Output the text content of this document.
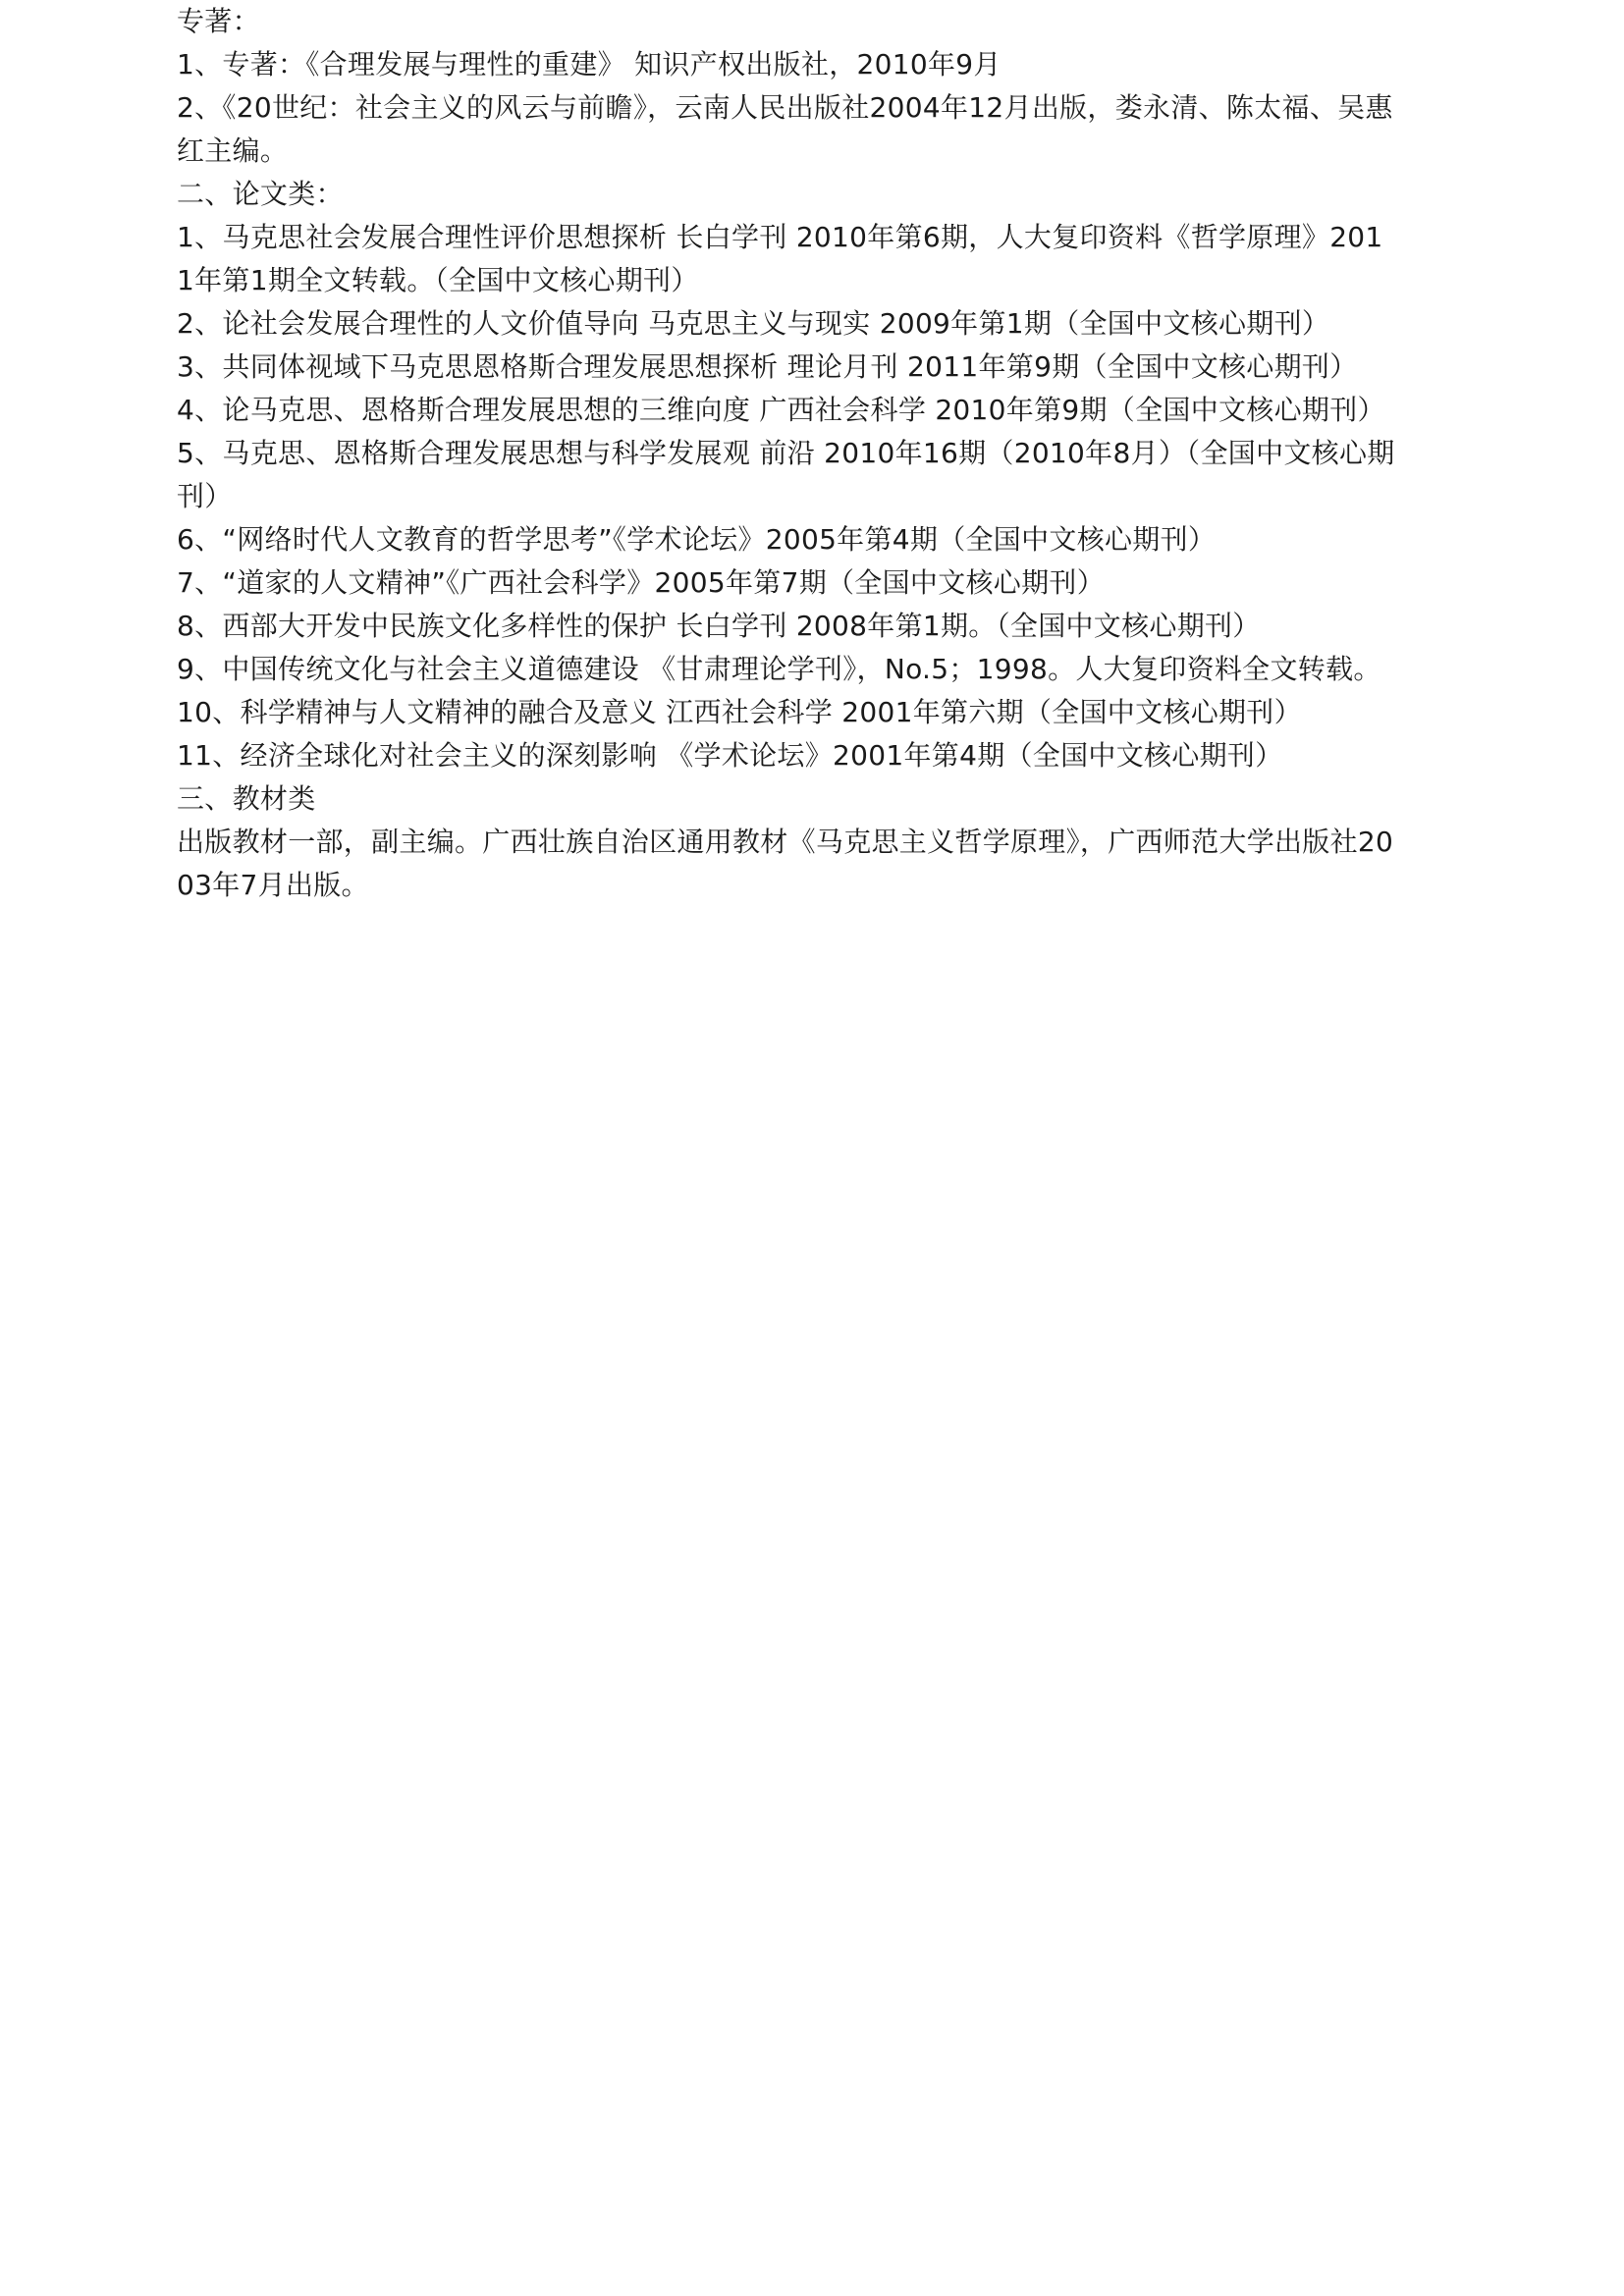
专著：
1、专著：《合理发展与理性的重建》 知识产权出版社，2010年9月
2、《20世纪：社会主义的风云与前瞻》，云南人民出版社2004年12月出版，娄永清、陈太福、吴惠红主编。
二、论文类：
1、马克思社会发展合理性评价思想探析 长白学刊 2010年第6期，人大复印资料《哲学原理》2011年第1期全文转载。（全国中文核心期刊）
2、论社会发展合理性的人文价值导向 马克思主义与现实 2009年第1期（全国中文核心期刊）
3、共同体视域下马克思恩格斯合理发展思想探析 理论月刊 2011年第9期（全国中文核心期刊）
4、论马克思、恩格斯合理发展思想的三维向度 广西社会科学 2010年第9期（全国中文核心期刊）
5、马克思、恩格斯合理发展思想与科学发展观 前沿 2010年16期（2010年8月）（全国中文核心期刊）
6、“网络时代人文教育的哲学思考”《学术论坛》2005年第4期（全国中文核心期刊）
7、“道家的人文精神”《广西社会科学》2005年第7期（全国中文核心期刊）
8、西部大开发中民族文化多样性的保护 长白学刊 2008年第1期。（全国中文核心期刊）
9、中国传统文化与社会主义道德建设 《甘肃理论学刊》，No.5；1998。人大复印资料全文转载。
10、科学精神与人文精神的融合及意义 江西社会科学 2001年第六期（全国中文核心期刊）
11、经济全球化对社会主义的深刻影响 《学术论坛》2001年第4期（全国中文核心期刊）
三、教材类
出版教材一部，副主编。广西壮族自治区通用教材《马克思主义哲学原理》，广西师范大学出版社2003年7月出版。
